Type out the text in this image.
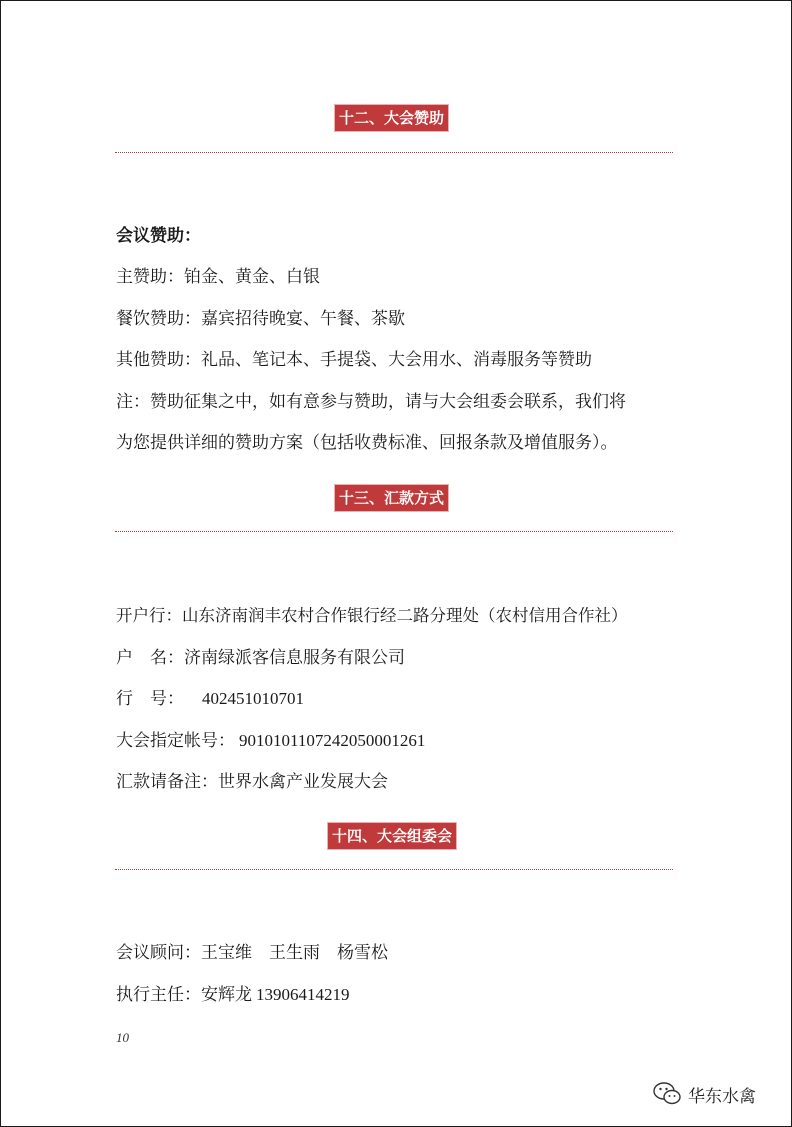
十二、大会赞助
会议赞助：
主赞助：铂金、黄金、白银
餐饮赞助：嘉宾招待晚宴、午餐、茶歇
其他赞助：礼品、笔记本、手提袋、大会用水、消毒服务等赞助
注：赞助征集之中，如有意参与赞助，请与大会组委会联系，我们将
为您提供详细的赞助方案（包括收费标准、回报条款及增值服务）。
十三、汇款方式
开户行：山东济南润丰农村合作银行经二路分理处（农村信用合作社）
户　名：济南绿派客信息服务有限公司
行　号： 402451010701
大会指定帐号： 9010101107242050001261
汇款请备注：世界水禽产业发展大会
十四、大会组委会
会议顾问：王宝维　王生雨　杨雪松
执行主任：安辉龙 13906414219
10
华东水禽
